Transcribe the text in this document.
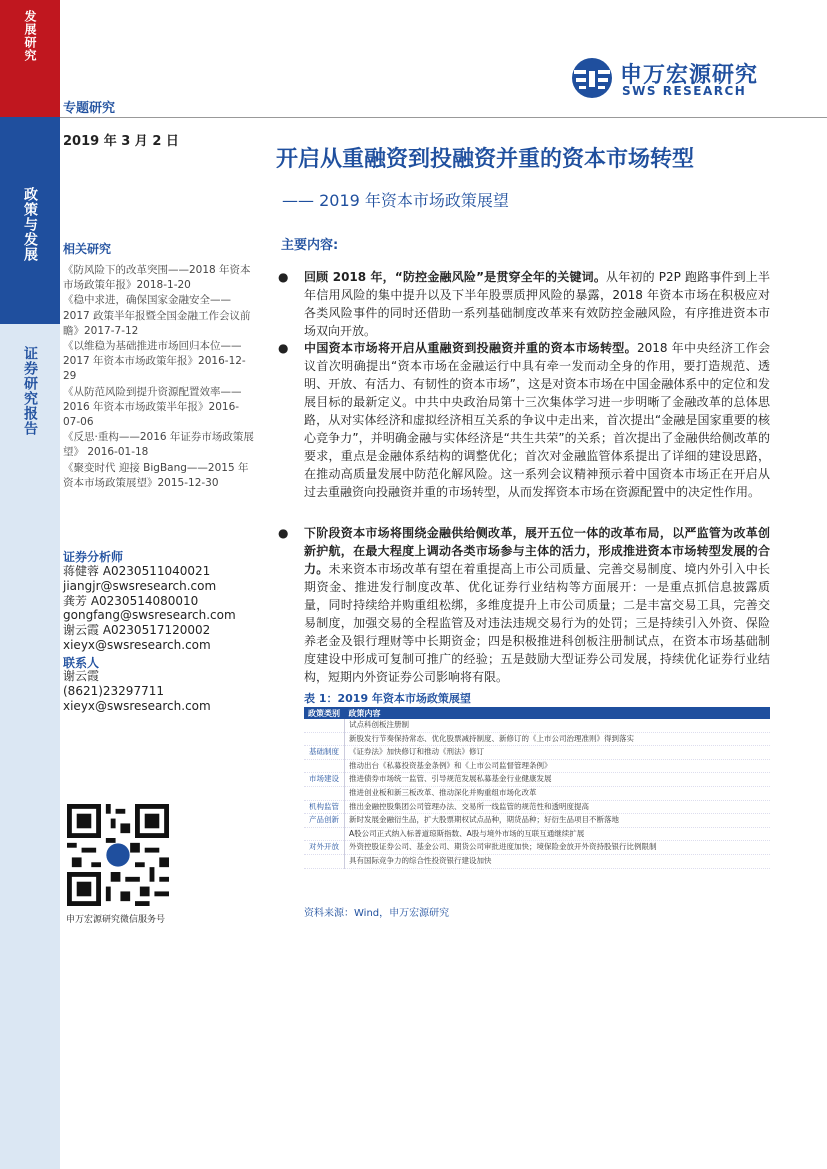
发展研究
政策与发展
证券研究报告
申万宏源研究
SWS RESEARCH
专题研究
2019 年 3 月 2 日
开启从重融资到投融资并重的资本市场转型
—— 2019 年资本市场政策展望
相关研究
《防风险下的改革突围——2018 年资本市场政策年报》2018-1-20
《稳中求进，确保国家金融安全——2017 政策半年报暨全国金融工作会议前瞻》2017-7-12
《以维稳为基础推进市场回归本位——2017 年资本市场政策年报》2016-12-29
《从防范风险到提升资源配置效率——2016 年资本市场政策半年报》2016-07-06
《反思·重构——2016 年证券市场政策展望》 2016-01-18
《聚变时代 迎接 BigBang——2015 年资本市场政策展望》2015-12-30
证券分析师
蒋健蓉 A0230511040021
jiangjr@swsresearch.com
龚芳 A0230514080010
gongfang@swsresearch.com
谢云霞 A0230517120002
xieyx@swsresearch.com
联系人
谢云霞
(8621)23297711
xieyx@swsresearch.com
申万宏源研究微信服务号
主要内容:
● 回顾 2018 年，“防控金融风险”是贯穿全年的关键词。从年初的 P2P 跑路事件到上半年信用风险的集中提升以及下半年股票质押风险的暴露，2018 年资本市场在积极应对各类风险事件的同时还借助一系列基础制度改革来有效防控金融风险，有序推进资本市场双向开放。
● 中国资本市场将开启从重融资到投融资并重的资本市场转型。2018 年中央经济工作会议首次明确提出“资本市场在金融运行中具有牵一发而动全身的作用，要打造规范、透明、开放、有活力、有韧性的资本市场”，这是对资本市场在中国金融体系中的定位和发展目标的最新定义。中共中央政治局第十三次集体学习进一步明晰了金融改革的总体思路，从对实体经济和虚拟经济相互关系的争议中走出来，首次提出“金融是国家重要的核心竞争力”，并明确金融与实体经济是“共生共荣”的关系；首次提出了金融供给侧改革的要求，重点是金融体系结构的调整优化；首次对金融监管体系提出了详细的建设思路，在推动高质量发展中防范化解风险。这一系列会议精神预示着中国资本市场正在开启从过去重融资向投融资并重的市场转型，从而发挥资本市场在资源配置中的决定性作用。
● 下阶段资本市场将围绕金融供给侧改革，展开五位一体的改革布局，以严监管为改革创新护航，在最大程度上调动各类市场参与主体的活力，形成推进资本市场转型发展的合力。未来资本市场改革有望在着重提高上市公司质量、完善交易制度、境内外引入中长期资金、推进发行制度改革、优化证券行业结构等方面展开：一是重点抓信息披露质量，同时持续给并购重组松绑，多维度提升上市公司质量；二是丰富交易工具，完善交易制度，加强交易的全程监管及对违法违规交易行为的处罚；三是持续引入外资、保险养老金及银行理财等中长期资金；四是积极推进科创板注册制试点，在资本市场基础制度建设中形成可复制可推广的经验；五是鼓励大型证券公司发展，持续优化证券行业结构，短期内外资证券公司影响将有限。
表 1：2019 年资本市场政策展望
政策类别	政策内容
	试点科创板注册制
	新股发行节奏保持常态、优化股票减持制度、新修订的《上市公司治理准则》得到落实
基础制度	《证券法》加快修订和推动《刑法》修订
	推动出台《私募投资基金条例》和《上市公司监督管理条例》
市场建设	推进债券市场统一监管、引导规范发展私募基金行业健康发展
	推进创业板和新三板改革、推动深化并购重组市场化改革
机构监管	推出金融控股集团公司管理办法、交易所一线监管的规范性和透明度提高
产品创新	新时发展金融衍生品，扩大股票期权试点品种，期货品种；好衍生品项目不断落地
	A股公司正式纳入标普道琼斯指数、A股与境外市场的互联互通继续扩展
对外开放	外资控股证券公司、基金公司、期货公司审批进度加快；境保险金放开外资持股银行比例限制
	具有国际竞争力的综合性投资银行建设加快
资料来源：Wind，申万宏源研究
